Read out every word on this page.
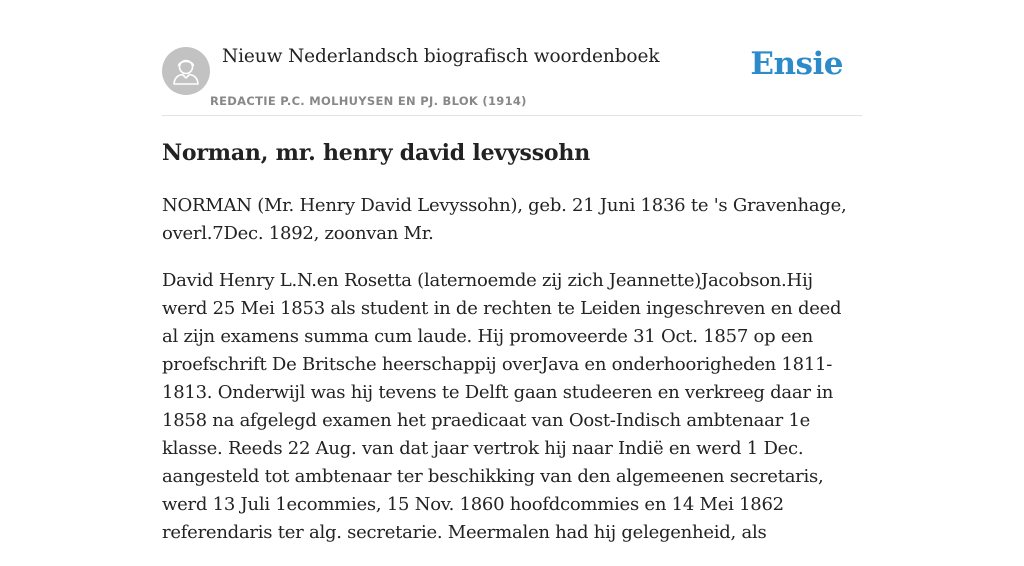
Nieuw Nederlandsch biografisch woordenboek
REDACTIE P.C. MOLHUYSEN EN PJ. BLOK (1914)
Ensie
Norman, mr. henry david levyssohn

NORMAN (Mr. Henry David Levyssohn), geb. 21 Juni 1836 te 's Gravenhage, overl.7Dec. 1892, zoonvan Mr.

David Henry L.N.en Rosetta (laternoemde zij zich Jeannette)Jacobson.Hij werd 25 Mei 1853 als student in de rechten te Leiden ingeschreven en deed al zijn examens summa cum laude. Hij promoveerde 31 Oct. 1857 op een proefschrift De Britsche heerschappij overJava en onderhoorigheden 1811-1813. Onderwijl was hij tevens te Delft gaan studeeren en verkreeg daar in 1858 na afgelegd examen het praedicaat van Oost-Indisch ambtenaar 1e klasse. Reeds 22 Aug. van dat jaar vertrok hij naar Indië en werd 1 Dec. aangesteld tot ambtenaar ter beschikking van den algemeenen secretaris, werd 13 Juli 1ecommies, 15 Nov. 1860 hoofdcommies en 14 Mei 1862 referendaris ter alg. secretarie. Meermalen had hij gelegenheid, als
